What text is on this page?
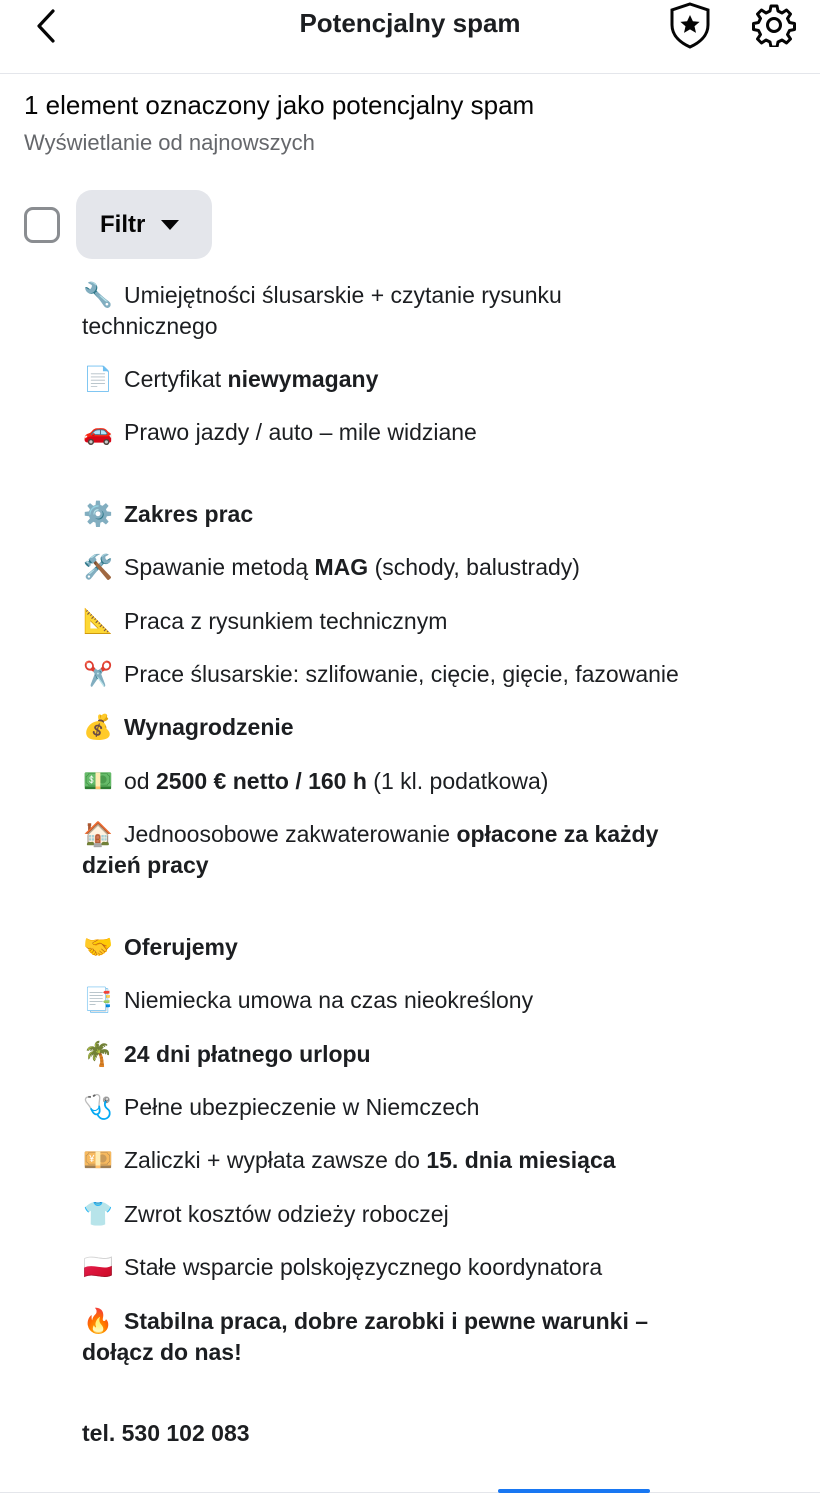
Potencjalny spam
1 element oznaczony jako potencjalny spam
Wyświetlanie od najnowszych
Filtr
🔧 Umiejętności ślusarskie + czytanie rysunku
technicznego
📄 Certyfikat niewymagany
🚗 Prawo jazdy / auto – mile widziane
⚙️ Zakres prac
🛠️ Spawanie metodą MAG (schody, balustrady)
📐 Praca z rysunkiem technicznym
✂️ Prace ślusarskie: szlifowanie, cięcie, gięcie, fazowanie
💰 Wynagrodzenie
💵 od 2500 € netto / 160 h (1 kl. podatkowa)
🏠 Jednoosobowe zakwaterowanie opłacone za każdy
dzień pracy
🤝 Oferujemy
📑 Niemiecka umowa na czas nieokreślony
🌴 24 dni płatnego urlopu
🩺 Pełne ubezpieczenie w Niemczech
💴 Zaliczki + wypłata zawsze do 15. dnia miesiąca
👕 Zwrot kosztów odzieży roboczej
🇵🇱 Stałe wsparcie polskojęzycznego koordynatora
🔥 Stabilna praca, dobre zarobki i pewne warunki –
dołącz do nas!
tel. 530 102 083
